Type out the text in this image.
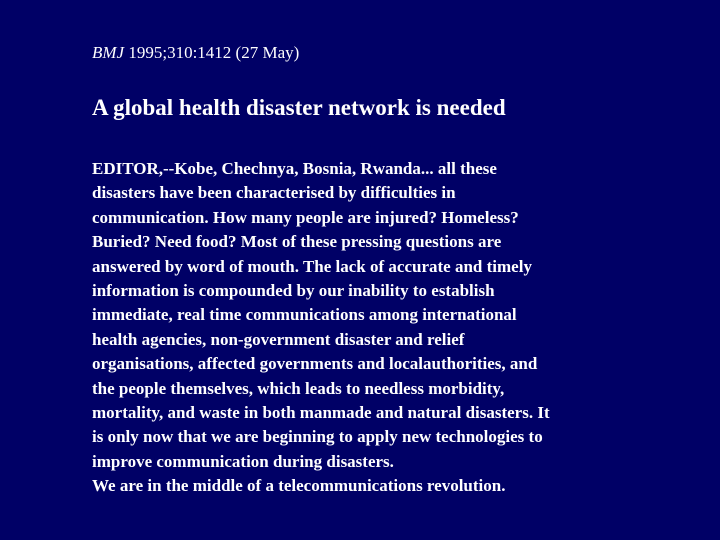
BMJ 1995;310:1412 (27 May)
A global health disaster network is needed
EDITOR,--Kobe, Chechnya, Bosnia, Rwanda... all these
disasters have been characterised by difficulties in
communication. How many people are injured? Homeless?
Buried? Need food? Most of these pressing questions are
answered by word of mouth. The lack of accurate and timely
information is compounded by our inability to establish
immediate, real time communications among international
health agencies, non-government disaster and relief
organisations, affected governments and localauthorities, and
the people themselves, which leads to needless morbidity,
mortality, and waste in both manmade and natural disasters. It
is only now that we are beginning to apply new technologies to
improve communication during disasters.
We are in the middle of a telecommunications revolution.
